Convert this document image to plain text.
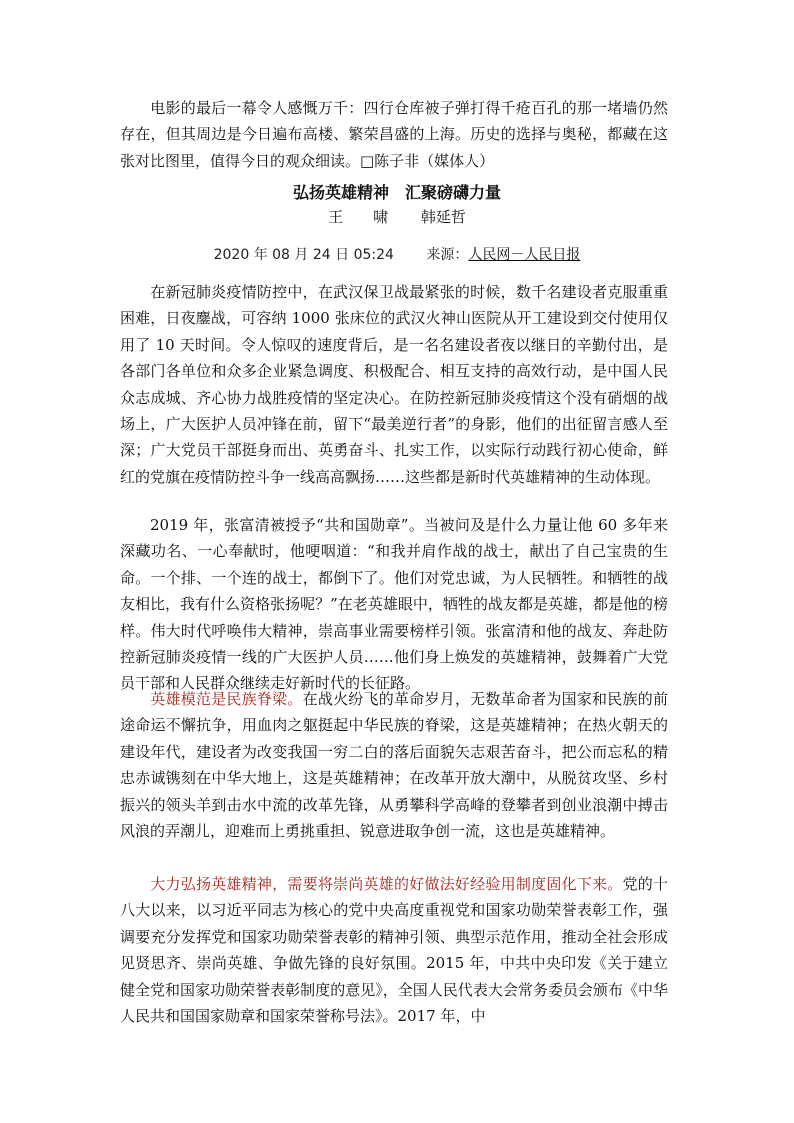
电影的最后一幕令人感慨万千：四行仓库被子弹打得千疮百孔的那一堵墙仍然存在，但其周边是今日遍布高楼、繁荣昌盛的上海。历史的选择与奥秘，都藏在这张对比图里，值得今日的观众细读。□陈子非（媒体人）

弘扬英雄精神　汇聚磅礴力量
王　　啸 韩延哲
2020 年 08 月 24 日 05:24 来源：人民网－人民日报

在新冠肺炎疫情防控中，在武汉保卫战最紧张的时候，数千名建设者克服重重困难，日夜鏖战，可容纳 1000 张床位的武汉火神山医院从开工建设到交付使用仅用了 10 天时间。令人惊叹的速度背后，是一名名建设者夜以继日的辛勤付出，是各部门各单位和众多企业紧急调度、积极配合、相互支持的高效行动，是中国人民众志成城、齐心协力战胜疫情的坚定决心。在防控新冠肺炎疫情这个没有硝烟的战场上，广大医护人员冲锋在前，留下“最美逆行者”的身影，他们的出征留言感人至深；广大党员干部挺身而出、英勇奋斗、扎实工作，以实际行动践行初心使命，鲜红的党旗在疫情防控斗争一线高高飘扬……这些都是新时代英雄精神的生动体现。

2019 年，张富清被授予“共和国勋章”。当被问及是什么力量让他 60 多年来深藏功名、一心奉献时，他哽咽道：“和我并肩作战的战士，献出了自己宝贵的生命。一个排、一个连的战士，都倒下了。他们对党忠诚，为人民牺牲。和牺牲的战友相比，我有什么资格张扬呢？”在老英雄眼中，牺牲的战友都是英雄，都是他的榜样。伟大时代呼唤伟大精神，崇高事业需要榜样引领。张富清和他的战友、奔赴防控新冠肺炎疫情一线的广大医护人员……他们身上焕发的英雄精神，鼓舞着广大党员干部和人民群众继续走好新时代的长征路。

英雄模范是民族脊梁。在战火纷飞的革命岁月，无数革命者为国家和民族的前途命运不懈抗争，用血肉之躯挺起中华民族的脊梁，这是英雄精神；在热火朝天的建设年代，建设者为改变我国一穷二白的落后面貌矢志艰苦奋斗，把公而忘私的精忠赤诚镌刻在中华大地上，这是英雄精神；在改革开放大潮中，从脱贫攻坚、乡村振兴的领头羊到击水中流的改革先锋，从勇攀科学高峰的登攀者到创业浪潮中搏击风浪的弄潮儿，迎难而上勇挑重担、锐意进取争创一流，这也是英雄精神。

大力弘扬英雄精神，需要将崇尚英雄的好做法好经验用制度固化下来。党的十八大以来，以习近平同志为核心的党中央高度重视党和国家功勋荣誉表彰工作，强调要充分发挥党和国家功勋荣誉表彰的精神引领、典型示范作用，推动全社会形成见贤思齐、崇尚英雄、争做先锋的良好氛围。2015 年，中共中央印发《关于建立健全党和国家功勋荣誉表彰制度的意见》，全国人民代表大会常务委员会颁布《中华人民共和国国家勋章和国家荣誉称号法》。2017 年，中
